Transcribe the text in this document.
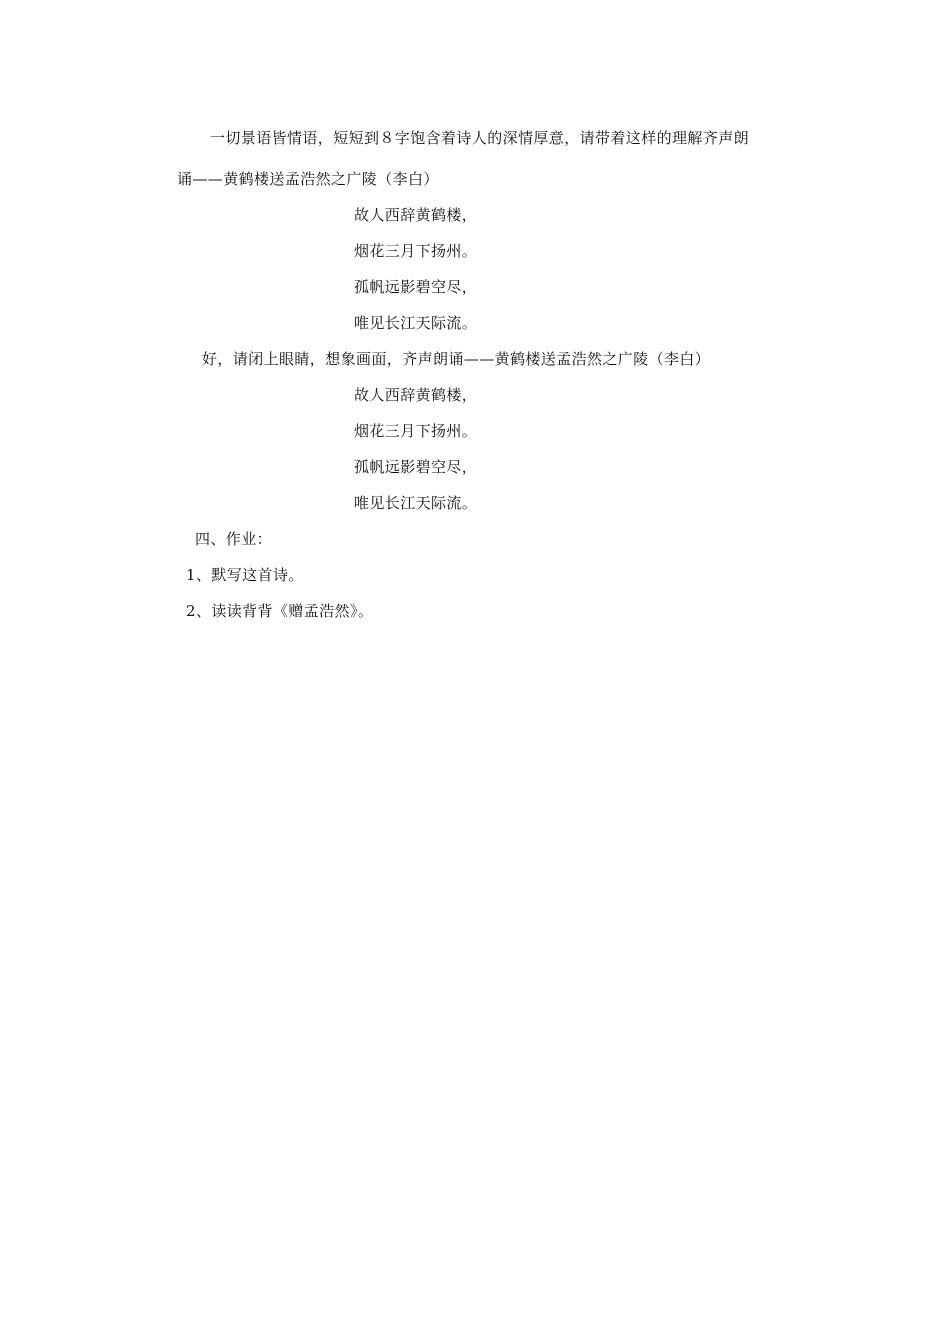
一切景语皆情语，短短到８字饱含着诗人的深情厚意，请带着这样的理解齐声朗
诵——黄鹤楼送孟浩然之广陵（李白）
故人西辞黄鹤楼，
烟花三月下扬州。
孤帆远影碧空尽，
唯见长江天际流。
好，请闭上眼睛，想象画面，齐声朗诵——黄鹤楼送孟浩然之广陵（李白）
故人西辞黄鹤楼，
烟花三月下扬州。
孤帆远影碧空尽，
唯见长江天际流。
四、作业：
1、默写这首诗。
2、读读背背《赠孟浩然》。
